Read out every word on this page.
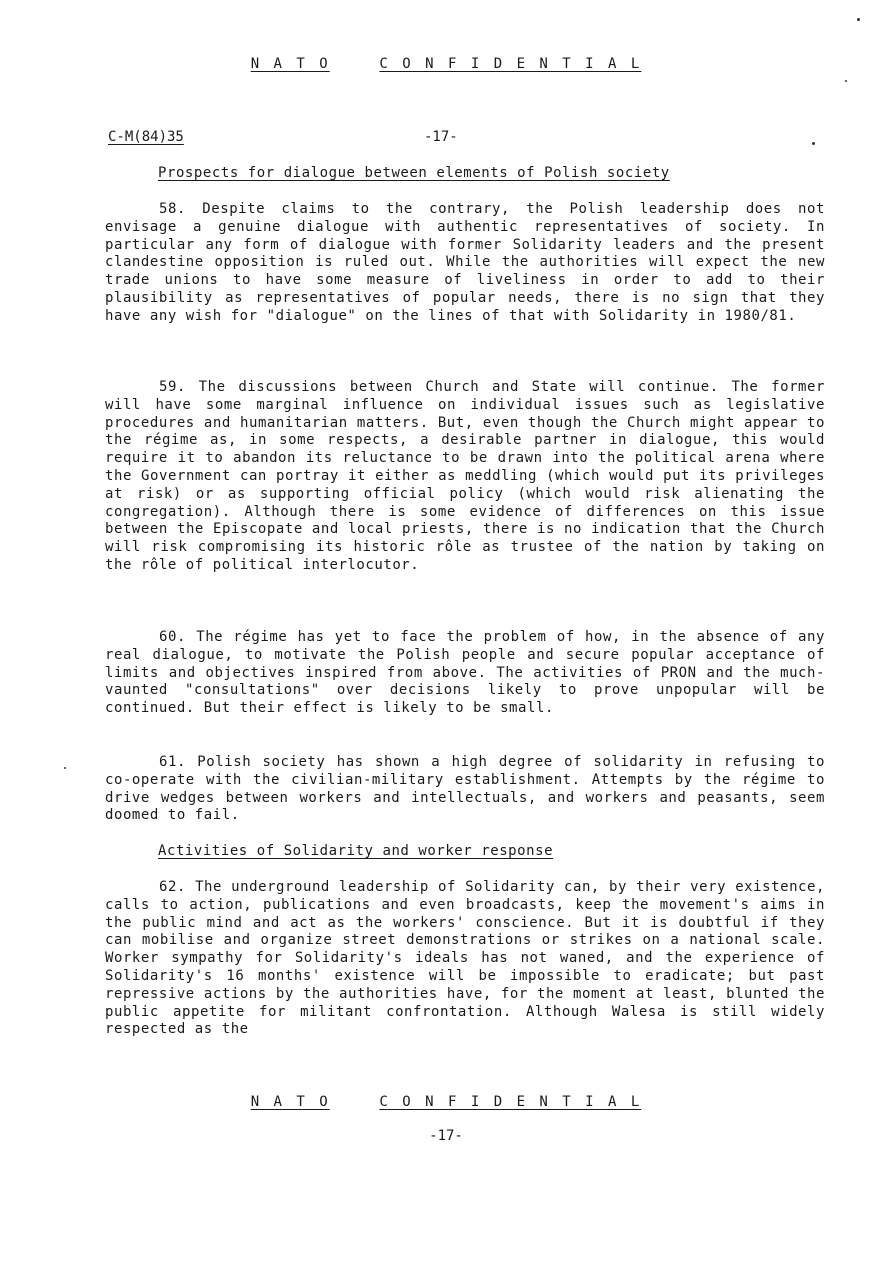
N A T O	C O N F I D E N T I A L
C-M(84)35	-17-
Prospects for dialogue between elements of Polish society
58. Despite claims to the contrary, the Polish leadership does not envisage a genuine dialogue with authentic representatives of society. In particular any form of dialogue with former Solidarity leaders and the present clandestine opposition is ruled out. While the authorities will expect the new trade unions to have some measure of liveliness in order to add to their plausibility as representatives of popular needs, there is no sign that they have any wish for "dialogue" on the lines of that with Solidarity in 1980/81.
59. The discussions between Church and State will continue. The former will have some marginal influence on individual issues such as legislative procedures and humanitarian matters. But, even though the Church might appear to the régime as, in some respects, a desirable partner in dialogue, this would require it to abandon its reluctance to be drawn into the political arena where the Government can portray it either as meddling (which would put its privileges at risk) or as supporting official policy (which would risk alienating the congregation). Although there is some evidence of differences on this issue between the Episcopate and local priests, there is no indication that the Church will risk compromising its historic rôle as trustee of the nation by taking on the rôle of political interlocutor.
60. The régime has yet to face the problem of how, in the absence of any real dialogue, to motivate the Polish people and secure popular acceptance of limits and objectives inspired from above. The activities of PRON and the much-vaunted "consultations" over decisions likely to prove unpopular will be continued. But their effect is likely to be small.
61. Polish society has shown a high degree of solidarity in refusing to co-operate with the civilian-military establishment. Attempts by the régime to drive wedges between workers and intellectuals, and workers and peasants, seem doomed to fail.
Activities of Solidarity and worker response
62. The underground leadership of Solidarity can, by their very existence, calls to action, publications and even broadcasts, keep the movement's aims in the public mind and act as the workers' conscience. But it is doubtful if they can mobilise and organize street demonstrations or strikes on a national scale. Worker sympathy for Solidarity's ideals has not waned, and the experience of Solidarity's 16 months' existence will be impossible to eradicate; but past repressive actions by the authorities have, for the moment at least, blunted the public appetite for militant confrontation. Although Walesa is still widely respected as the
N A T O	C O N F I D E N T I A L
-17-
